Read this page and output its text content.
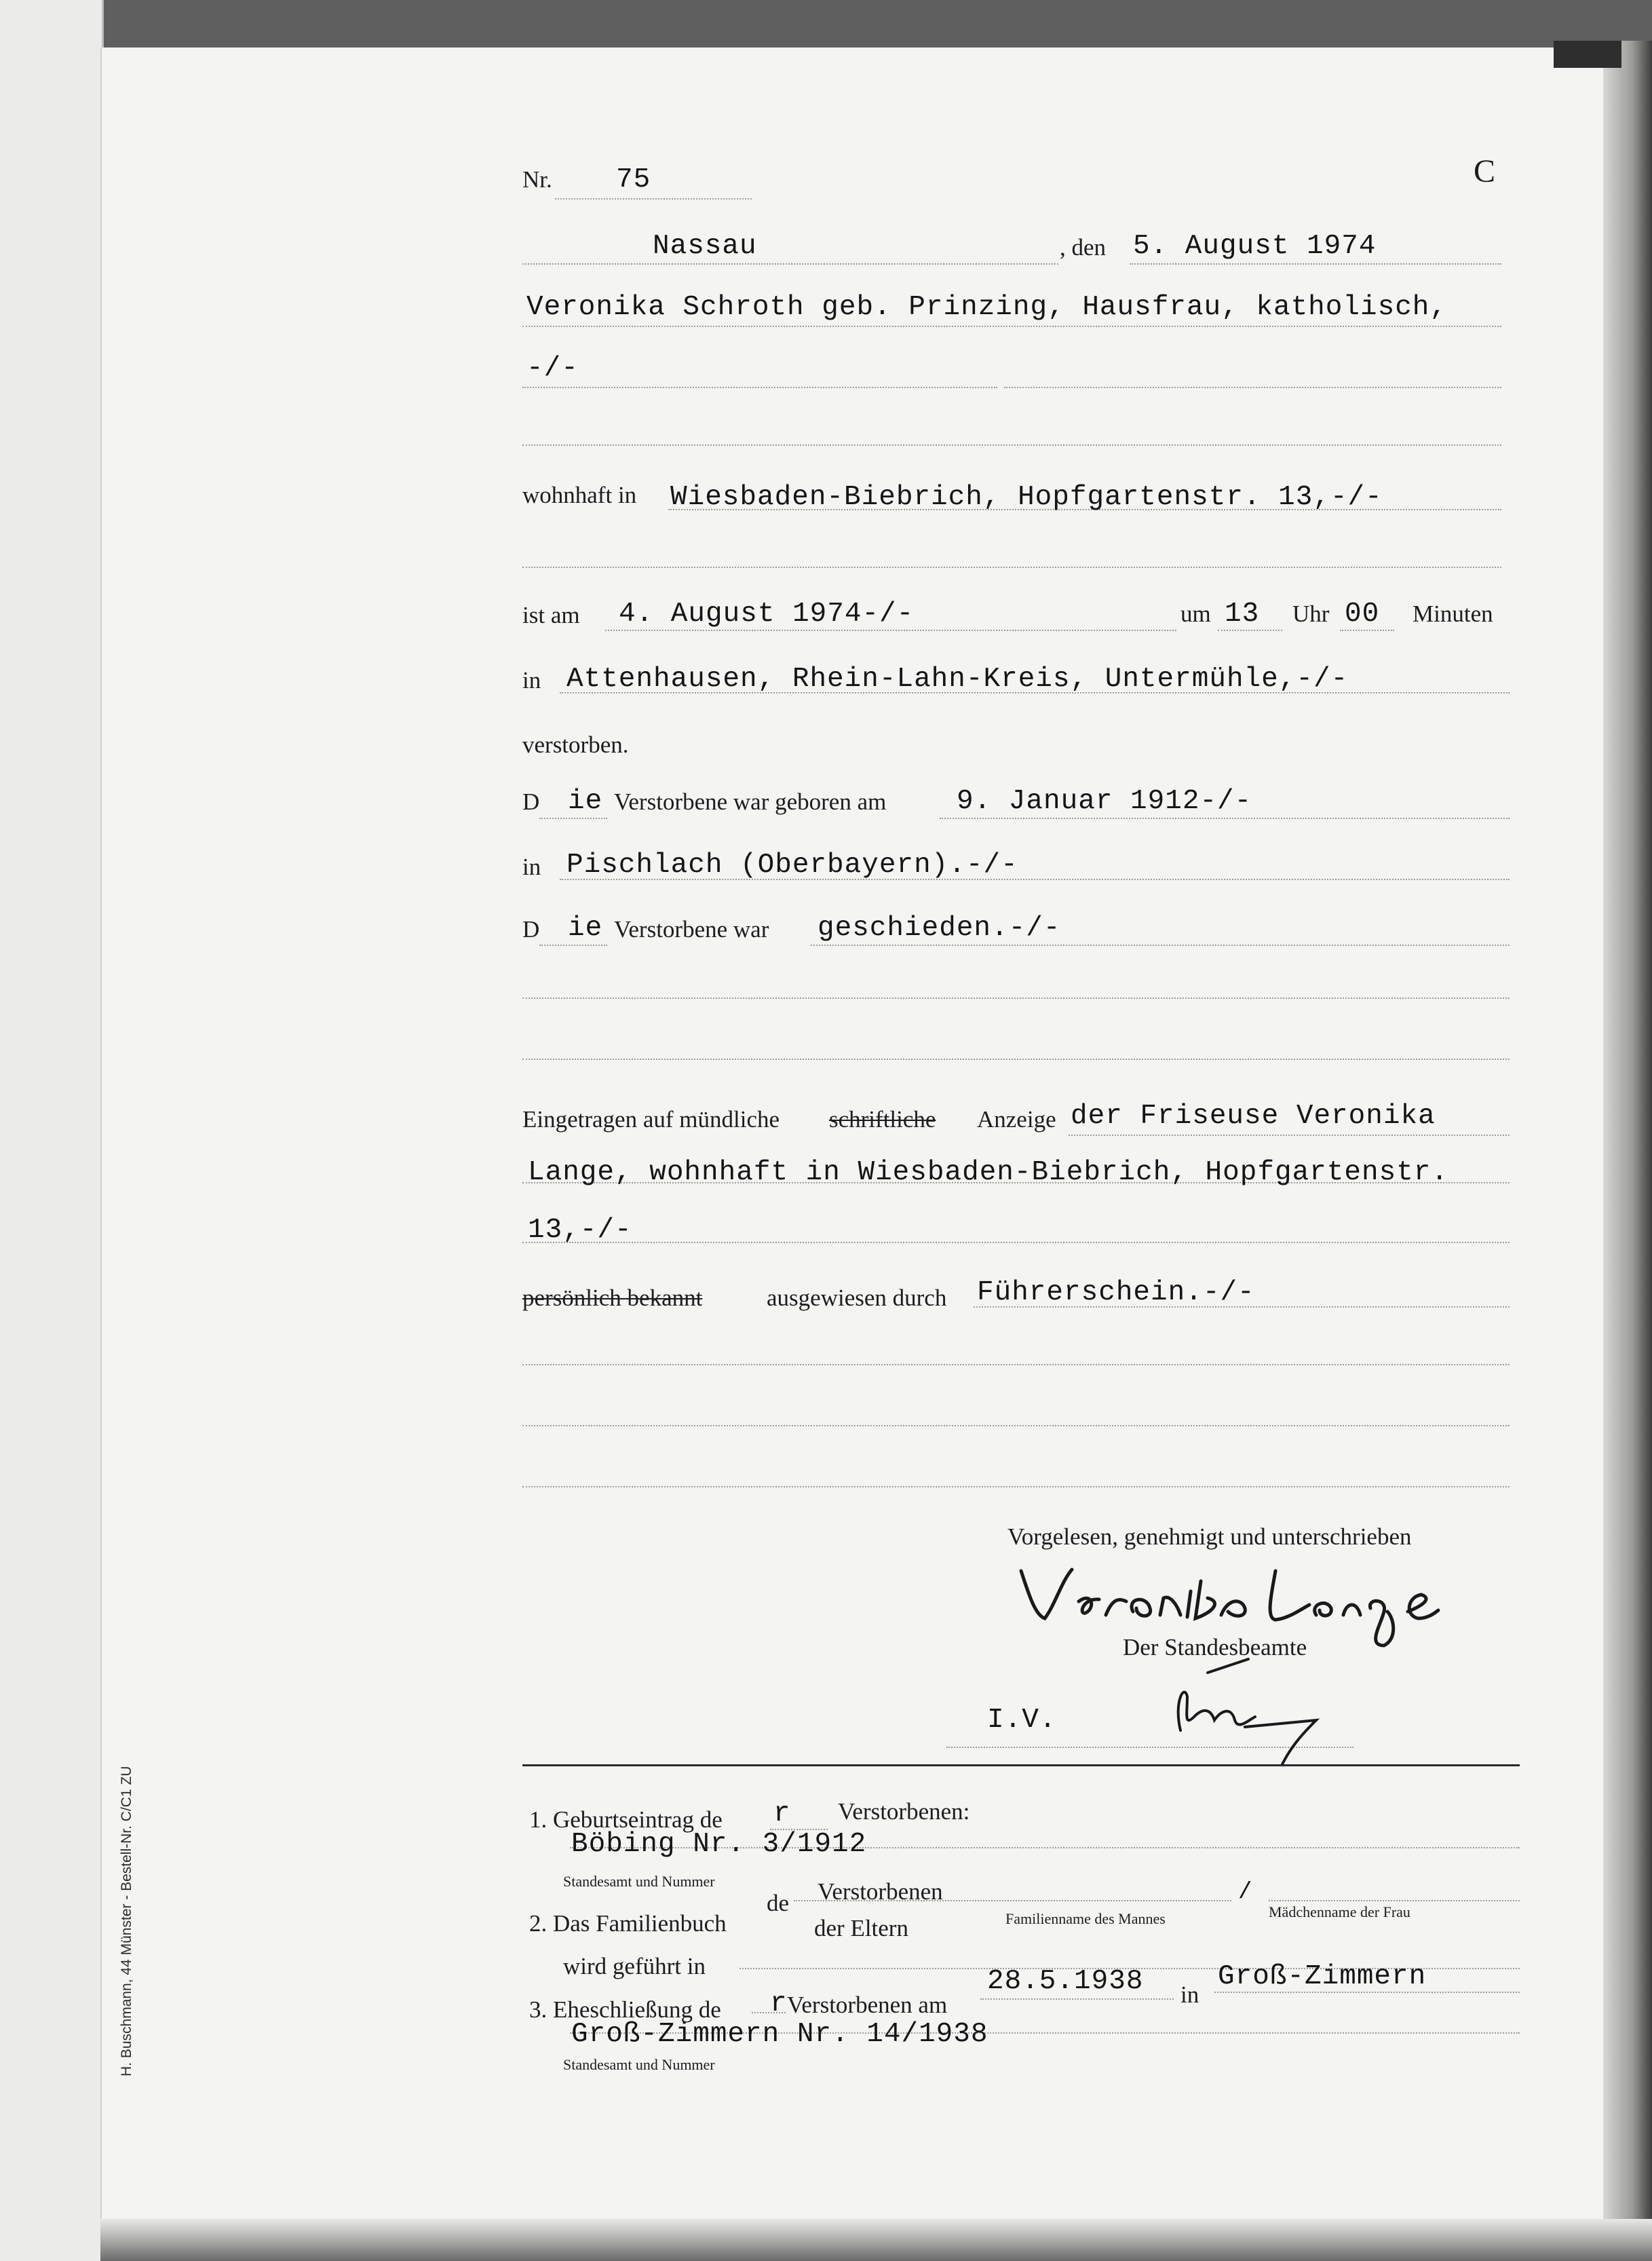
H. Buschmann, 44 Münster - Bestell-Nr. C/C1 ZU
Nr. 75	C
Nassau	, den 5. August 1974
Veronika Schroth geb. Prinzing, Hausfrau, katholisch,
-/-
wohnhaft in Wiesbaden-Biebrich, Hopfgartenstr. 13,-/-
ist am 4. August 1974-/-	um 13 Uhr 00 Minuten
in Attenhausen, Rhein-Lahn-Kreis, Untermühle,-/-
verstorben.
D ie Verstorbene war geboren am	9. Januar 1912-/-
in Pischlach (Oberbayern).-/-
D ie Verstorbene war geschieden.-/-
Eingetragen auf mündliche schriftliche Anzeige der Friseuse Veronika
Lange, wohnhaft in Wiesbaden-Biebrich, Hopfgartenstr.
13,-/-
persönlich bekannt	ausgewiesen durch Führerschein.-/-
Vorgelesen, genehmigt und unterschrieben
Der Standesbeamte
I.V.
1. Geburtseintrag de r Verstorbenen:
Böbing Nr. 3/1912
Standesamt und Nummer
2. Das Familienbuch
de Verstorbenen	/
der Eltern	Familienname des Mannes	Mädchenname der Frau
wird geführt in
3. Eheschließung de r Verstorbenen am
28.5.1938 in
Groß-Zimmern
Groß-Zimmern Nr. 14/1938
Standesamt und Nummer
